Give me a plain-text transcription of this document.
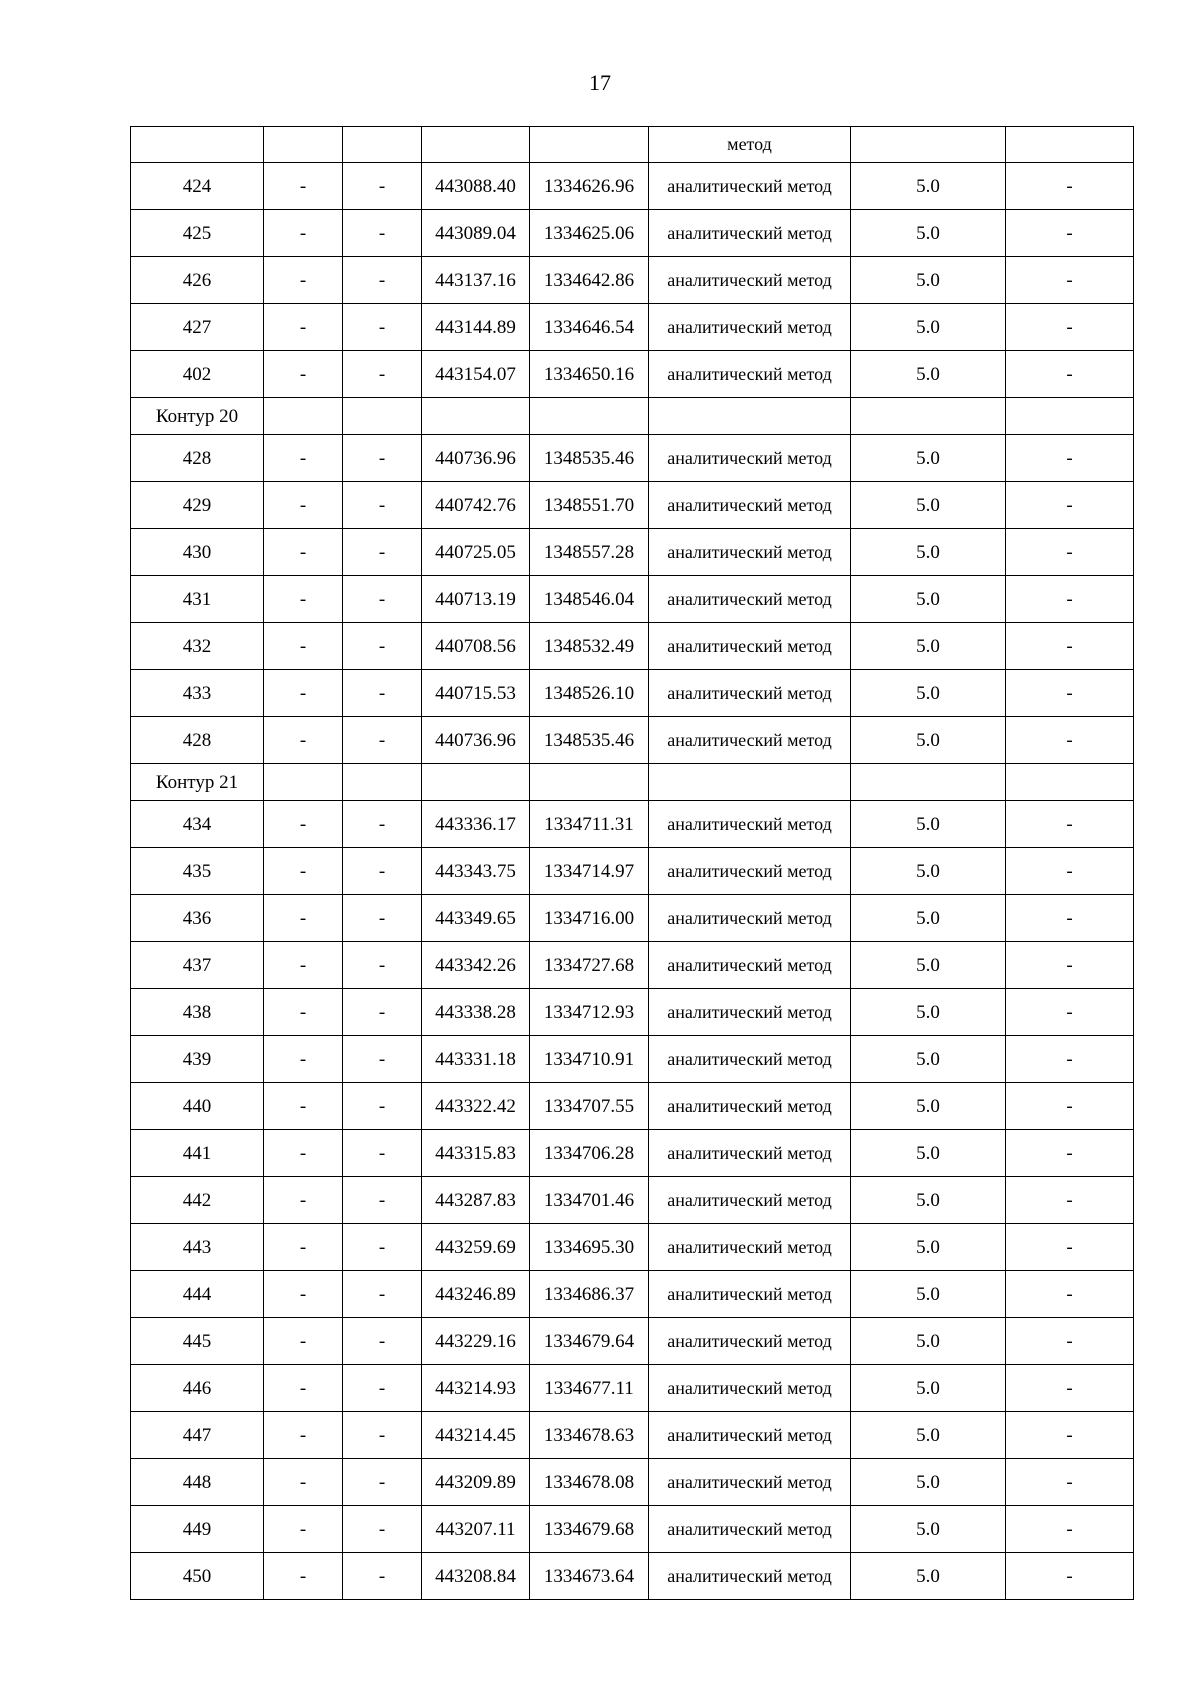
17
					метод		
424	-	-	443088.40	1334626.96	аналитический метод	5.0	-
425	-	-	443089.04	1334625.06	аналитический метод	5.0	-
426	-	-	443137.16	1334642.86	аналитический метод	5.0	-
427	-	-	443144.89	1334646.54	аналитический метод	5.0	-
402	-	-	443154.07	1334650.16	аналитический метод	5.0	-
Контур 20							
428	-	-	440736.96	1348535.46	аналитический метод	5.0	-
429	-	-	440742.76	1348551.70	аналитический метод	5.0	-
430	-	-	440725.05	1348557.28	аналитический метод	5.0	-
431	-	-	440713.19	1348546.04	аналитический метод	5.0	-
432	-	-	440708.56	1348532.49	аналитический метод	5.0	-
433	-	-	440715.53	1348526.10	аналитический метод	5.0	-
428	-	-	440736.96	1348535.46	аналитический метод	5.0	-
Контур 21							
434	-	-	443336.17	1334711.31	аналитический метод	5.0	-
435	-	-	443343.75	1334714.97	аналитический метод	5.0	-
436	-	-	443349.65	1334716.00	аналитический метод	5.0	-
437	-	-	443342.26	1334727.68	аналитический метод	5.0	-
438	-	-	443338.28	1334712.93	аналитический метод	5.0	-
439	-	-	443331.18	1334710.91	аналитический метод	5.0	-
440	-	-	443322.42	1334707.55	аналитический метод	5.0	-
441	-	-	443315.83	1334706.28	аналитический метод	5.0	-
442	-	-	443287.83	1334701.46	аналитический метод	5.0	-
443	-	-	443259.69	1334695.30	аналитический метод	5.0	-
444	-	-	443246.89	1334686.37	аналитический метод	5.0	-
445	-	-	443229.16	1334679.64	аналитический метод	5.0	-
446	-	-	443214.93	1334677.11	аналитический метод	5.0	-
447	-	-	443214.45	1334678.63	аналитический метод	5.0	-
448	-	-	443209.89	1334678.08	аналитический метод	5.0	-
449	-	-	443207.11	1334679.68	аналитический метод	5.0	-
450	-	-	443208.84	1334673.64	аналитический метод	5.0	-
